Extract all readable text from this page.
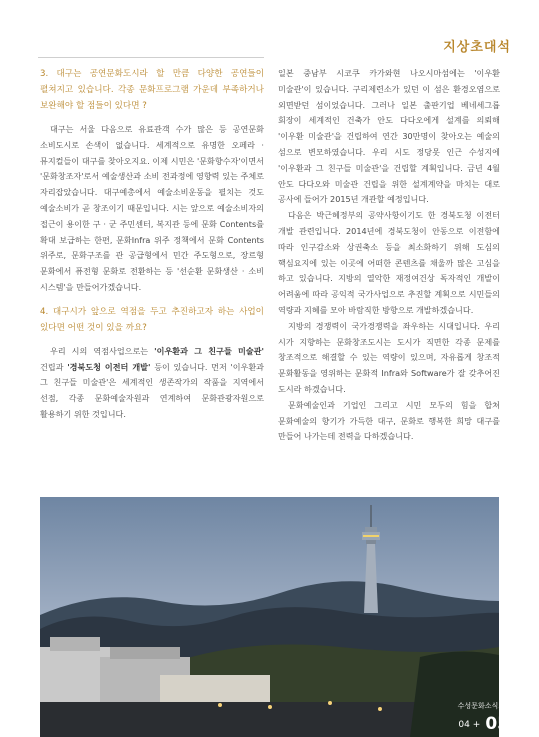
지상초대석

3. 대구는 공연문화도시라 할 만큼 다양한 공연들이 펼쳐지고 있습니다. 각종 문화프로그램 가운데 부족하거나 보완해야 할 점들이 있다면 ?

대구는 서울 다음으로 유료관객 수가 많은 등 공연문화 소비도시로 손색이 없습니다. 세계적으로 유명한 오페라 · 뮤지컬들이 대구를 찾아오지요. 이제 시민은 '문화향수자'이면서 '문화창조자'로서 예술생산과 소비 전과정에 영향력 있는 주체로 자리잡았습니다. 대구예총에서 예술소비운동을 펼치는 것도 예술소비가 곧 창조이기 때문입니다. 시는 앞으로 예술소비자의 접근이 용이한 구 · 군 주민센터, 복지관 등에 문화 Contents를 확대 보급하는 한편, 문화Infra 위주 정책에서 문화 Contents 위주로, 문화구조를 관 공급형에서 민간 주도형으로, 장르형 문화에서 퓨전형 문화로 전환하는 등 '선순환 문화생산 · 소비 시스템'을 만들어가겠습니다.

4. 대구시가 앞으로 역점을 두고 추진하고자 하는 사업이 있다면 어떤 것이 있을 까요?

우리 시의 역점사업으로는 '이우환과 그 친구들 미술관' 건립과 '경북도청 이전터 개발' 등이 있습니다. 먼저 '이우환과 그 친구들 미술관'은 세계적인 생존작가의 작품을 지역에서 선점, 각종 문화예술자원과 연계하여 문화관광자원으로 활용하기 위한 것입니다.

일본 중남부 시코쿠 카가와현 나오시마섬에는 '이우환 미술관'이 있습니다. 구리제련소가 있던 이 섬은 환경오염으로 외면받던 섬이었습니다. 그러나 일본 출판기업 베네세그룹 회장이 세계적인 건축가 안도 다다오에게 설계를 의뢰해 '이우환 미술관'을 건립하여 연간 30만명이 찾아오는 예술의 섬으로 변모하였습니다. 우리 시도 정당못 인근 수성지에 '이우환과 그 친구들 미술관'을 건립할 계획입니다. 금년 4월 안도 다다오와 미술관 건립을 위한 설계계약을 마치는 대로 공사에 들어가 2015년 개관할 예정입니다.

다음은 박근혜정부의 공약사항이기도 한 경북도청 이전터 개발 관련입니다. 2014년에 경북도청이 안동으로 이전함에 따라 인구감소와 상권축소 등을 최소화하기 위해 도심의 핵심요지에 있는 이곳에 어떠한 콘텐츠를 채울까 많은 고심을 하고 있습니다. 지방의 열악한 재정여건상 독자적인 개발이 어려움에 따라 공익적 국가사업으로 추진할 계획으로 시민들의 역량과 지혜를 모아 바람직한 방향으로 개발하겠습니다.

지방의 경쟁력이 국가경쟁력을 좌우하는 시대입니다. 우리 시가 지향하는 문화창조도시는 도시가 직면한 각종 문제를 창조적으로 해결할 수 있는 역량이 있으며, 자유롭게 창조적 문화활동을 영위하는 문화적 Infra와 Software가 잘 갖추어진 도시라 하겠습니다.

문화예술인과 기업인 그리고 시민 모두의 힘을 합쳐 문화예술의 향기가 가득한 대구, 문화로 행복한 희망 대구를 만들어 나가는데 전력을 다하겠습니다.

수성문화소식지
04 + 05
